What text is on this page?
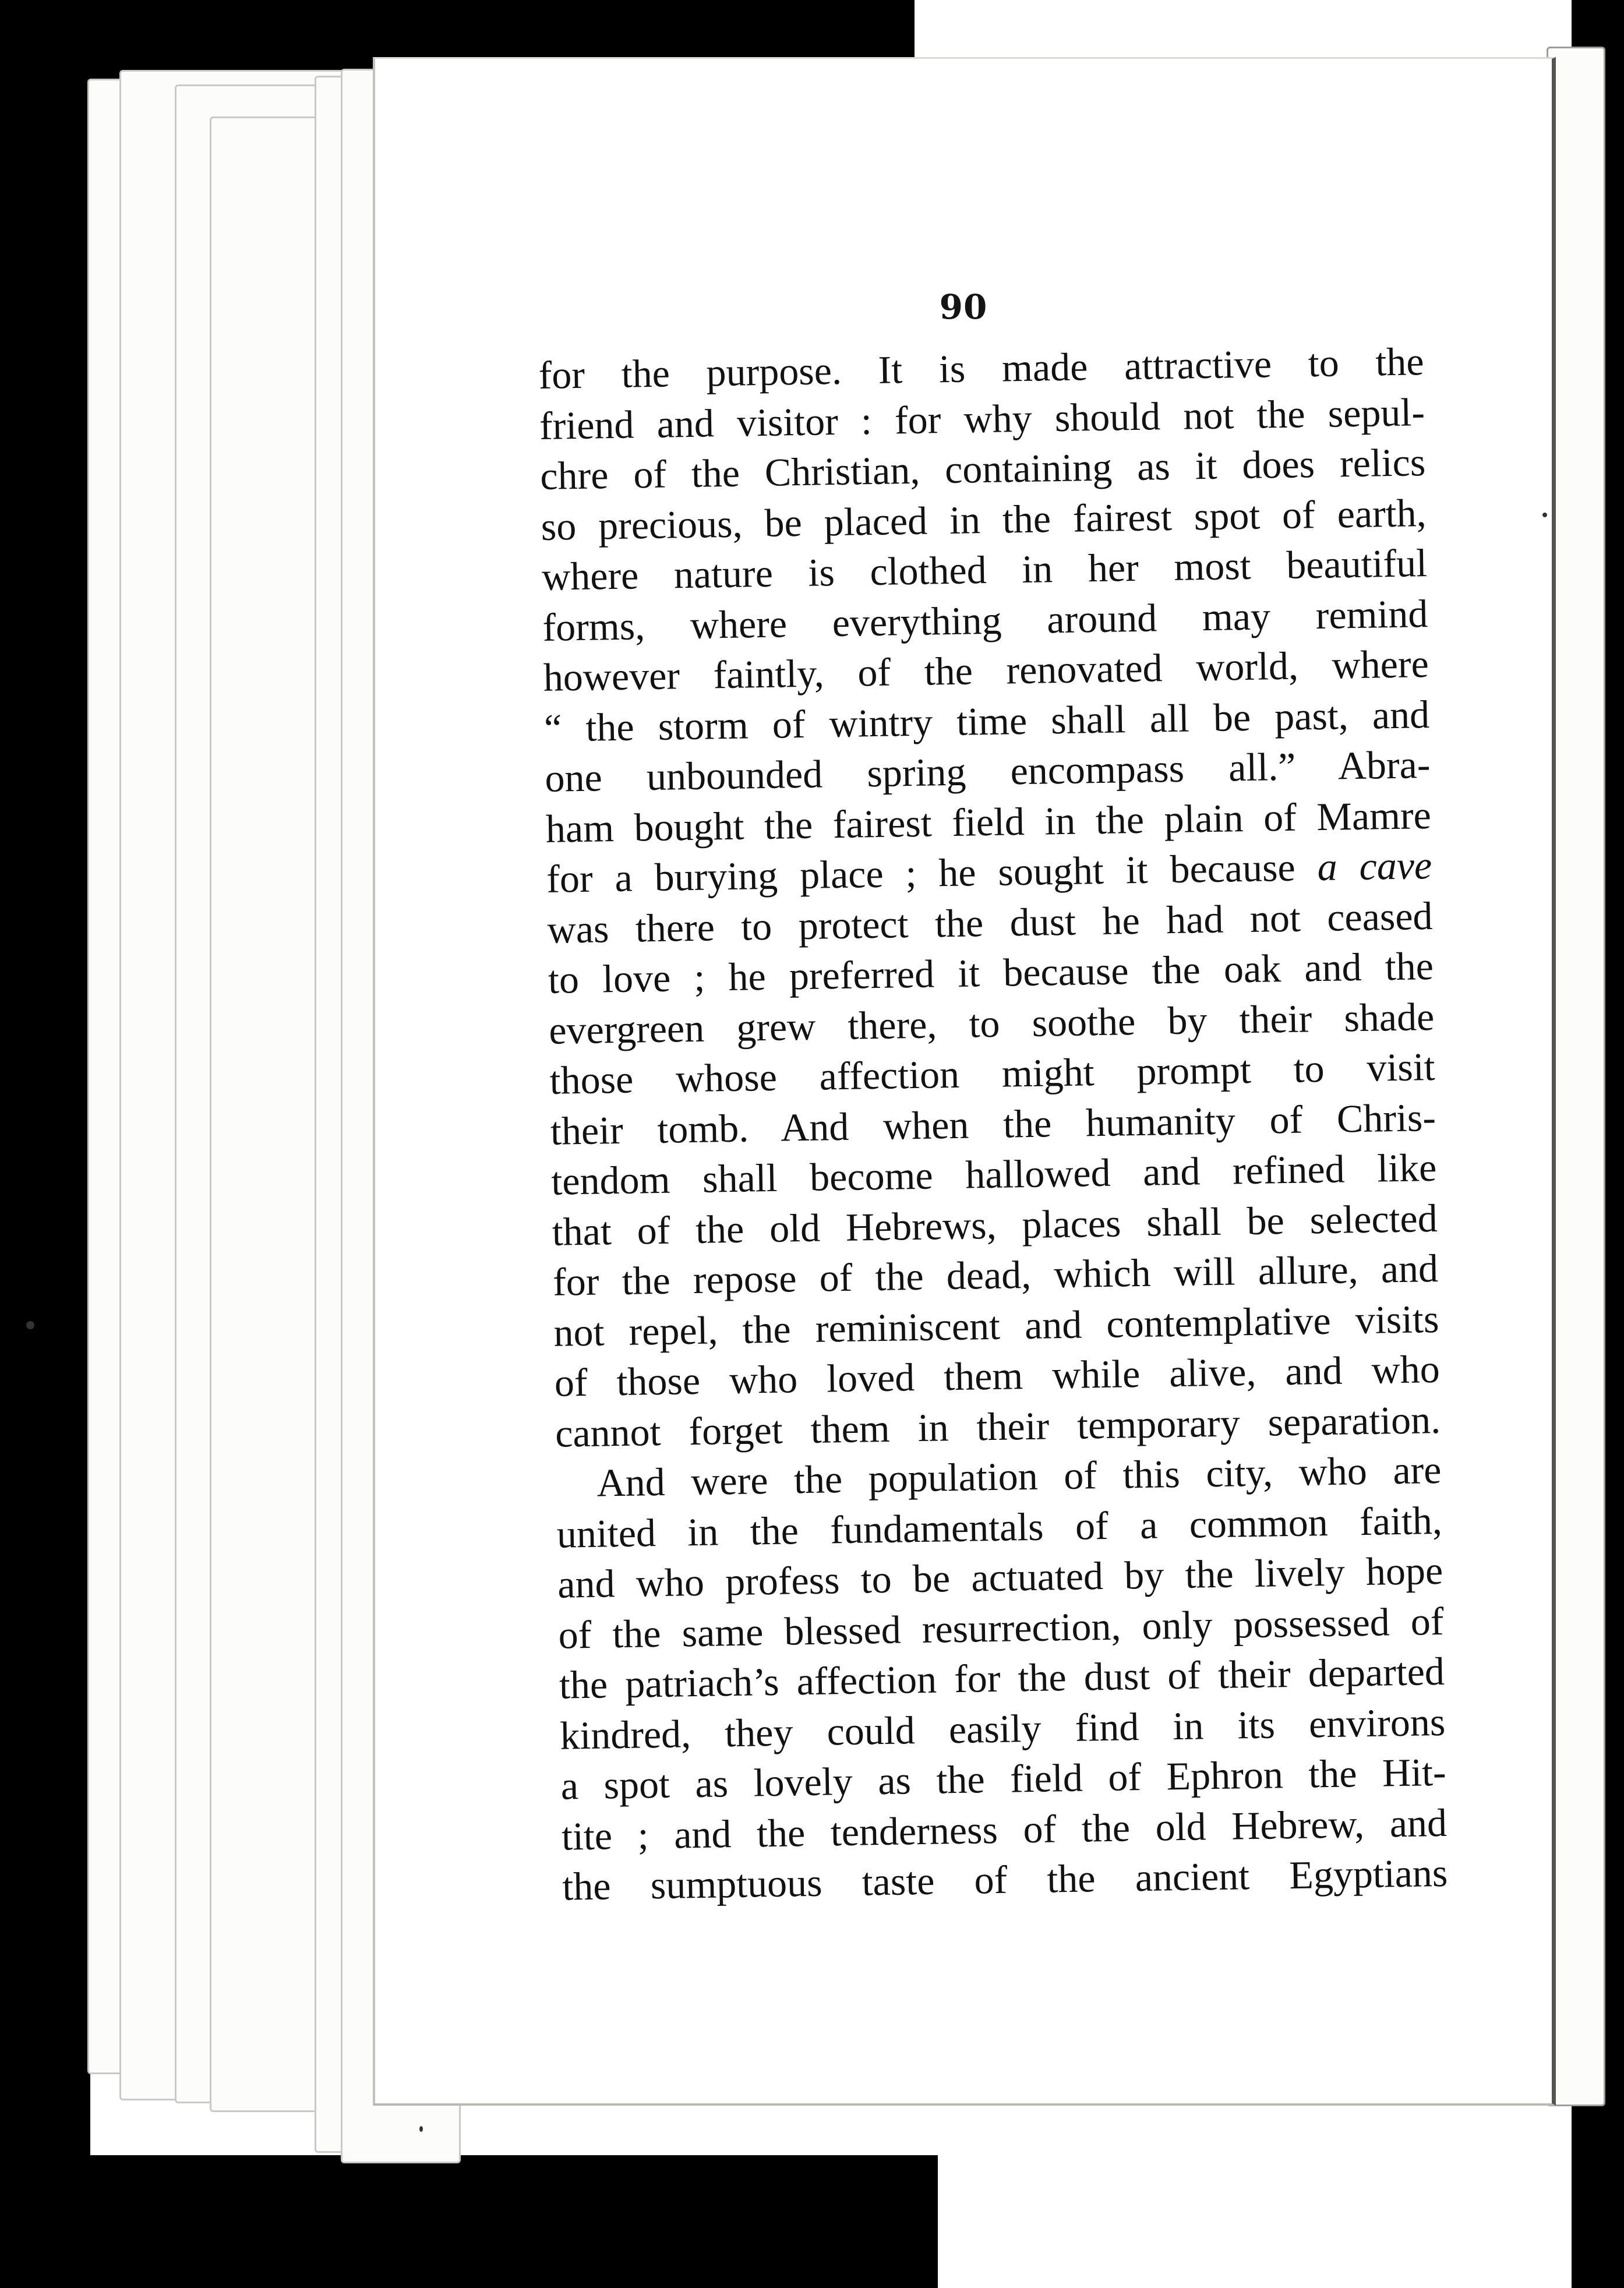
90
for the purpose. It is made attractive to the
friend and visitor : for why should not the sepul-
chre of the Christian, containing as it does relics
so precious, be placed in the fairest spot of earth,
where nature is clothed in her most beautiful
forms, where everything around may remind
however faintly, of the renovated world, where
“ the storm of wintry time shall all be past, and
one unbounded spring encompass all.” Abra-
ham bought the fairest field in the plain of Mamre
for a burying place ; he sought it because a cave
was there to protect the dust he had not ceased
to love ; he preferred it because the oak and the
evergreen grew there, to soothe by their shade
those whose affection might prompt to visit
their tomb. And when the humanity of Chris-
tendom shall become hallowed and refined like
that of the old Hebrews, places shall be selected
for the repose of the dead, which will allure, and
not repel, the reminiscent and contemplative visits
of those who loved them while alive, and who
cannot forget them in their temporary separation.
And were the population of this city, who are
united in the fundamentals of a common faith,
and who profess to be actuated by the lively hope
of the same blessed resurrection, only possessed of
the patriach’s affection for the dust of their departed
kindred, they could easily find in its environs
a spot as lovely as the field of Ephron the Hit-
tite ; and the tenderness of the old Hebrew, and
the sumptuous taste of the ancient Egyptians
